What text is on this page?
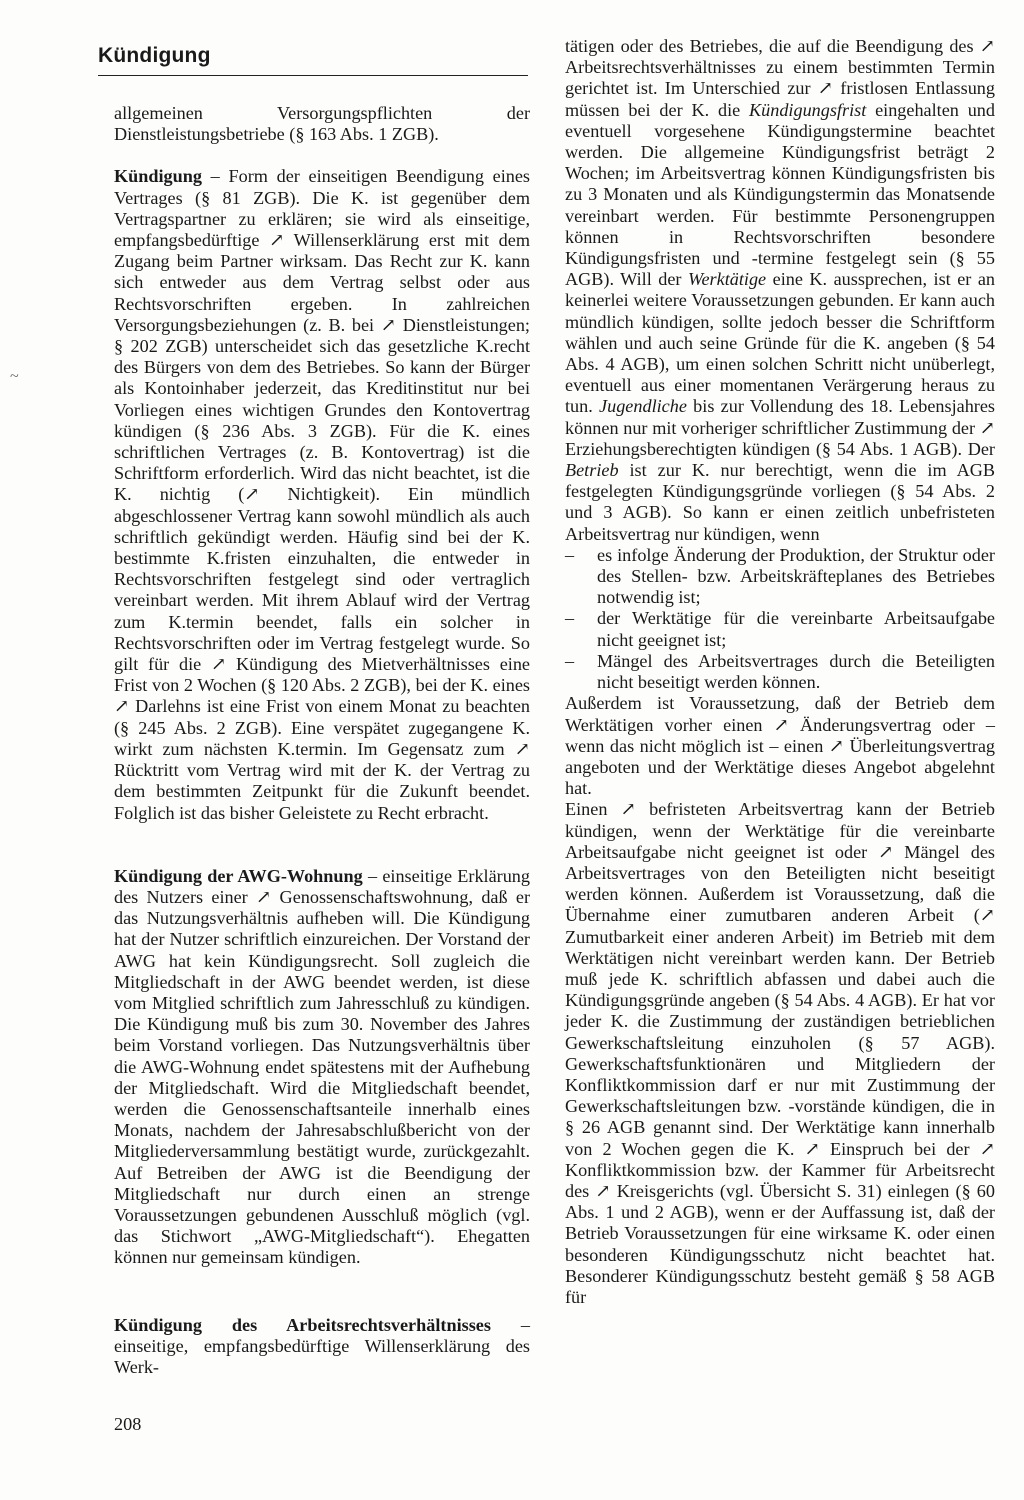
Kündigung
~

allgemeinen Versorgungspflichten der Dienstleistungsbetriebe (§ 163 Abs. 1 ZGB).

Kündigung – Form der einseitigen Beendigung eines Vertrages (§ 81 ZGB). Die K. ist gegenüber dem Vertragspartner zu erklären; sie wird als einseitige, empfangsbedürftige ↗ Willenserklärung erst mit dem Zugang beim Partner wirksam. Das Recht zur K. kann sich entweder aus dem Vertrag selbst oder aus Rechtsvorschriften ergeben. In zahlreichen Versorgungsbeziehungen (z. B. bei ↗ Dienstleistungen; § 202 ZGB) unterscheidet sich das gesetzliche K.recht des Bürgers von dem des Betriebes. So kann der Bürger als Kontoinhaber jederzeit, das Kreditinstitut nur bei Vorliegen eines wichtigen Grundes den Kontovertrag kündigen (§ 236 Abs. 3 ZGB). Für die K. eines schriftlichen Vertrages (z. B. Kontovertrag) ist die Schriftform erforderlich. Wird das nicht beachtet, ist die K. nichtig (↗ Nichtigkeit). Ein mündlich abgeschlossener Vertrag kann sowohl mündlich als auch schriftlich gekündigt werden. Häufig sind bei der K. bestimmte K.fristen einzuhalten, die entweder in Rechtsvorschriften festgelegt sind oder vertraglich vereinbart werden. Mit ihrem Ablauf wird der Vertrag zum K.termin beendet, falls ein solcher in Rechtsvorschriften oder im Vertrag festgelegt wurde. So gilt für die ↗ Kündigung des Mietverhältnisses eine Frist von 2 Wochen (§ 120 Abs. 2 ZGB), bei der K. eines ↗ Darlehns ist eine Frist von einem Monat zu beachten (§ 245 Abs. 2 ZGB). Eine verspätet zugegangene K. wirkt zum nächsten K.termin. Im Gegensatz zum ↗ Rücktritt vom Vertrag wird mit der K. der Vertrag zu dem bestimmten Zeitpunkt für die Zukunft beendet. Folglich ist das bisher Geleistete zu Recht erbracht.

Kündigung der AWG-Wohnung – einseitige Erklärung des Nutzers einer ↗ Genossenschaftswohnung, daß er das Nutzungsverhältnis aufheben will. Die Kündigung hat der Nutzer schriftlich einzureichen. Der Vorstand der AWG hat kein Kündigungsrecht. Soll zugleich die Mitgliedschaft in der AWG beendet werden, ist diese vom Mitglied schriftlich zum Jahresschluß zu kündigen. Die Kündigung muß bis zum 30. November des Jahres beim Vorstand vorliegen. Das Nutzungsverhältnis über die AWG-Wohnung endet spätestens mit der Aufhebung der Mitgliedschaft. Wird die Mitgliedschaft beendet, werden die Genossenschaftsanteile innerhalb eines Monats, nachdem der Jahresabschlußbericht von der Mitgliederversammlung bestätigt wurde, zurückgezahlt. Auf Betreiben der AWG ist die Beendigung der Mitgliedschaft nur durch einen an strenge Voraussetzungen gebundenen Ausschluß möglich (vgl. das Stichwort „AWG-Mitgliedschaft“). Ehegatten können nur gemeinsam kündigen.

Kündigung des Arbeitsrechtsverhältnisses – einseitige, empfangsbedürftige Willenserklärung des Werk-

tätigen oder des Betriebes, die auf die Beendigung des ↗ Arbeitsrechtsverhältnisses zu einem bestimmten Termin gerichtet ist. Im Unterschied zur ↗ fristlosen Entlassung müssen bei der K. die Kündigungsfrist eingehalten und eventuell vorgesehene Kündigungstermine beachtet werden. Die allgemeine Kündigungsfrist beträgt 2 Wochen; im Arbeitsvertrag können Kündigungsfristen bis zu 3 Monaten und als Kündigungstermin das Monatsende vereinbart werden. Für bestimmte Personengruppen können in Rechtsvorschriften besondere Kündigungsfristen und -termine festgelegt sein (§ 55 AGB). Will der Werktätige eine K. aussprechen, ist er an keinerlei weitere Voraussetzungen gebunden. Er kann auch mündlich kündigen, sollte jedoch besser die Schriftform wählen und auch seine Gründe für die K. angeben (§ 54 Abs. 4 AGB), um einen solchen Schritt nicht unüberlegt, eventuell aus einer momentanen Verärgerung heraus zu tun. Jugendliche bis zur Vollendung des 18. Lebensjahres können nur mit vorheriger schriftlicher Zustimmung der ↗ Erziehungsberechtigten kündigen (§ 54 Abs. 1 AGB). Der Betrieb ist zur K. nur berechtigt, wenn die im AGB festgelegten Kündigungsgründe vorliegen (§ 54 Abs. 2 und 3 AGB). So kann er einen zeitlich unbefristeten Arbeitsvertrag nur kündigen, wenn

– es infolge Änderung der Produktion, der Struktur oder des Stellen- bzw. Arbeitskräfteplanes des Betriebes notwendig ist;
– der Werktätige für die vereinbarte Arbeitsaufgabe nicht geeignet ist;
– Mängel des Arbeitsvertrages durch die Beteiligten nicht beseitigt werden können.

Außerdem ist Voraussetzung, daß der Betrieb dem Werktätigen vorher einen ↗ Änderungsvertrag oder – wenn das nicht möglich ist – einen ↗ Überleitungsvertrag angeboten und der Werktätige dieses Angebot abgelehnt hat.

Einen ↗ befristeten Arbeitsvertrag kann der Betrieb kündigen, wenn der Werktätige für die vereinbarte Arbeitsaufgabe nicht geeignet ist oder ↗ Mängel des Arbeitsvertrages von den Beteiligten nicht beseitigt werden können. Außerdem ist Voraussetzung, daß die Übernahme einer zumutbaren anderen Arbeit (↗ Zumutbarkeit einer anderen Arbeit) im Betrieb mit dem Werktätigen nicht vereinbart werden kann. Der Betrieb muß jede K. schriftlich abfassen und dabei auch die Kündigungsgründe angeben (§ 54 Abs. 4 AGB). Er hat vor jeder K. die Zustimmung der zuständigen betrieblichen Gewerkschaftsleitung einzuholen (§ 57 AGB). Gewerkschaftsfunktionären und Mitgliedern der Konfliktkommission darf er nur mit Zustimmung der Gewerkschaftsleitungen bzw. -vorstände kündigen, die in § 26 AGB genannt sind. Der Werktätige kann innerhalb von 2 Wochen gegen die K. ↗ Einspruch bei der ↗ Konfliktkommission bzw. der Kammer für Arbeitsrecht des ↗ Kreisgerichts (vgl. Übersicht S. 31) einlegen (§ 60 Abs. 1 und 2 AGB), wenn er der Auffassung ist, daß der Betrieb Voraussetzungen für eine wirksame K. oder einen besonderen Kündigungsschutz nicht beachtet hat. Besonderer Kündigungsschutz besteht gemäß § 58 AGB für

208
